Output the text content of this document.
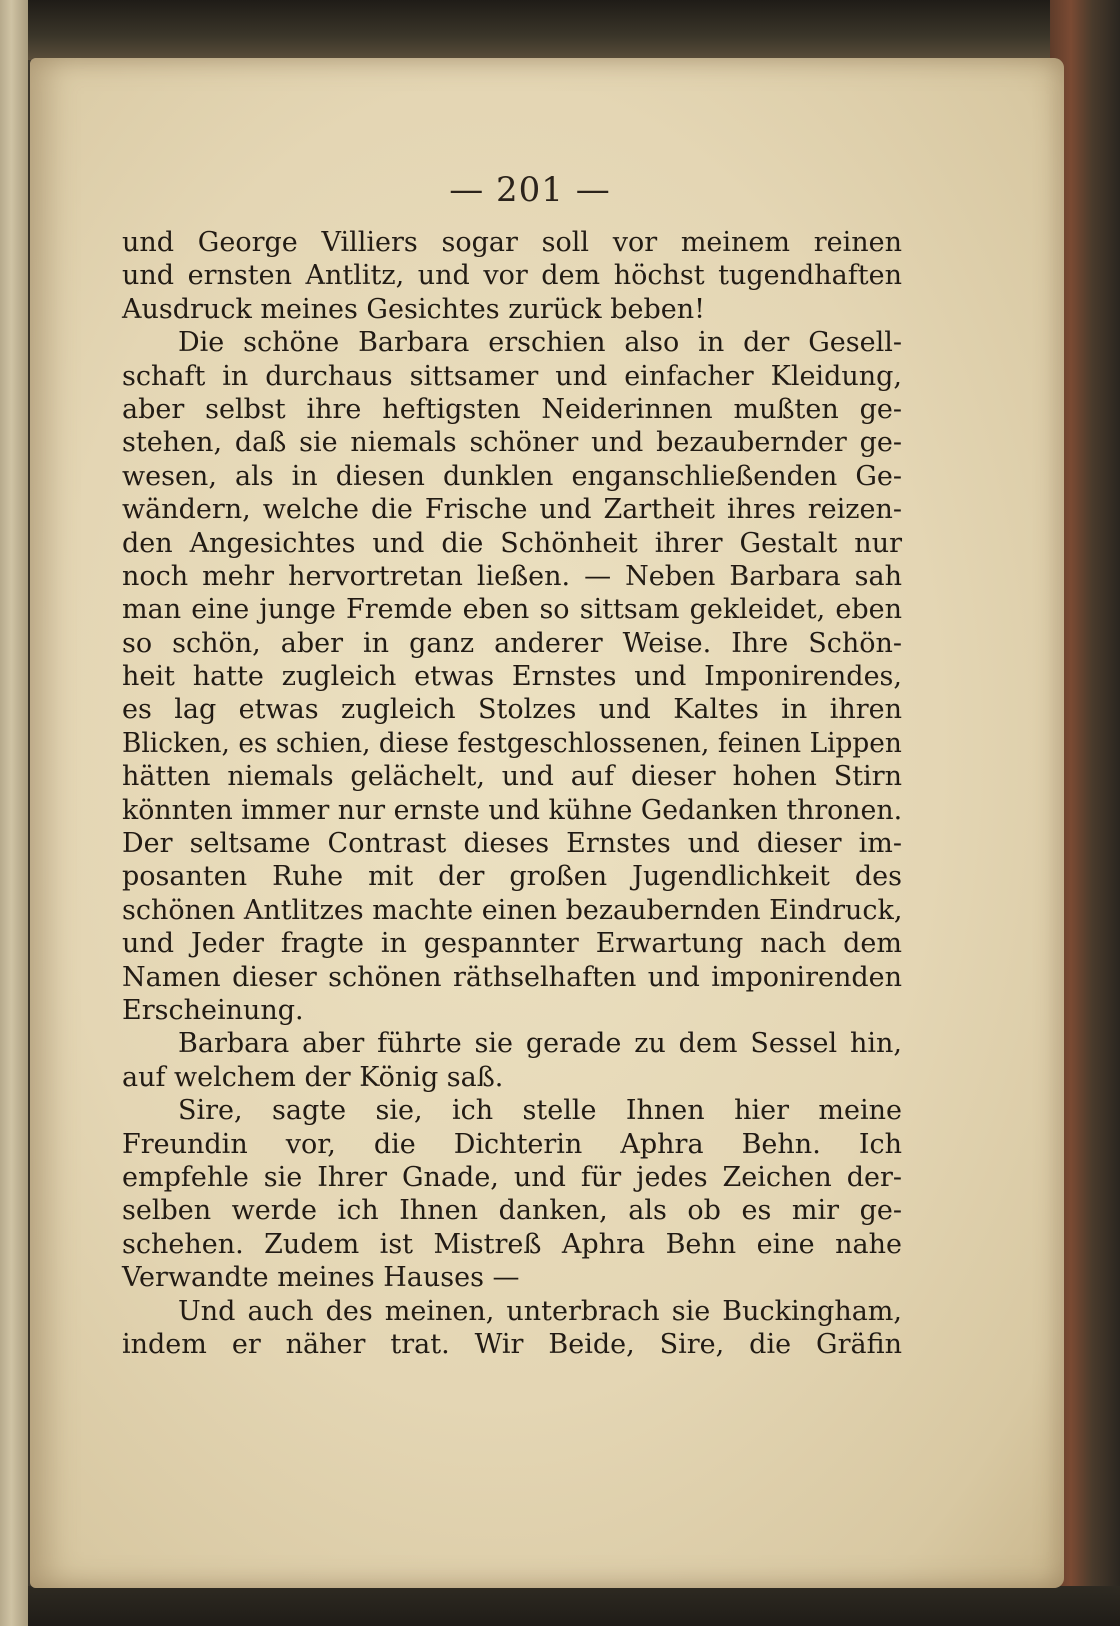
— 201 —
und George Villiers sogar soll vor meinem reinen
und ernsten Antlitz, und vor dem höchst tugendhaften
Ausdruck meines Gesichtes zurück beben!
Die schöne Barbara erschien also in der Gesell-
schaft in durchaus sittsamer und einfacher Kleidung,
aber selbst ihre heftigsten Neiderinnen mußten ge-
stehen, daß sie niemals schöner und bezaubernder ge-
wesen, als in diesen dunklen enganschließenden Ge-
wändern, welche die Frische und Zartheit ihres reizen-
den Angesichtes und die Schönheit ihrer Gestalt nur
noch mehr hervortretan ließen. — Neben Barbara sah
man eine junge Fremde eben so sittsam gekleidet, eben
so schön, aber in ganz anderer Weise. Ihre Schön-
heit hatte zugleich etwas Ernstes und Imponirendes,
es lag etwas zugleich Stolzes und Kaltes in ihren
Blicken, es schien, diese festgeschlossenen, feinen Lippen
hätten niemals gelächelt, und auf dieser hohen Stirn
könnten immer nur ernste und kühne Gedanken thronen.
Der seltsame Contrast dieses Ernstes und dieser im-
posanten Ruhe mit der großen Jugendlichkeit des
schönen Antlitzes machte einen bezaubernden Eindruck,
und Jeder fragte in gespannter Erwartung nach dem
Namen dieser schönen räthselhaften und imponirenden
Erscheinung.
Barbara aber führte sie gerade zu dem Sessel hin,
auf welchem der König saß.
Sire, sagte sie, ich stelle Ihnen hier meine
Freundin vor, die Dichterin Aphra Behn. Ich
empfehle sie Ihrer Gnade, und für jedes Zeichen der-
selben werde ich Ihnen danken, als ob es mir ge-
schehen. Zudem ist Mistreß Aphra Behn eine nahe
Verwandte meines Hauses —
Und auch des meinen, unterbrach sie Buckingham,
indem er näher trat. Wir Beide, Sire, die Gräfin
